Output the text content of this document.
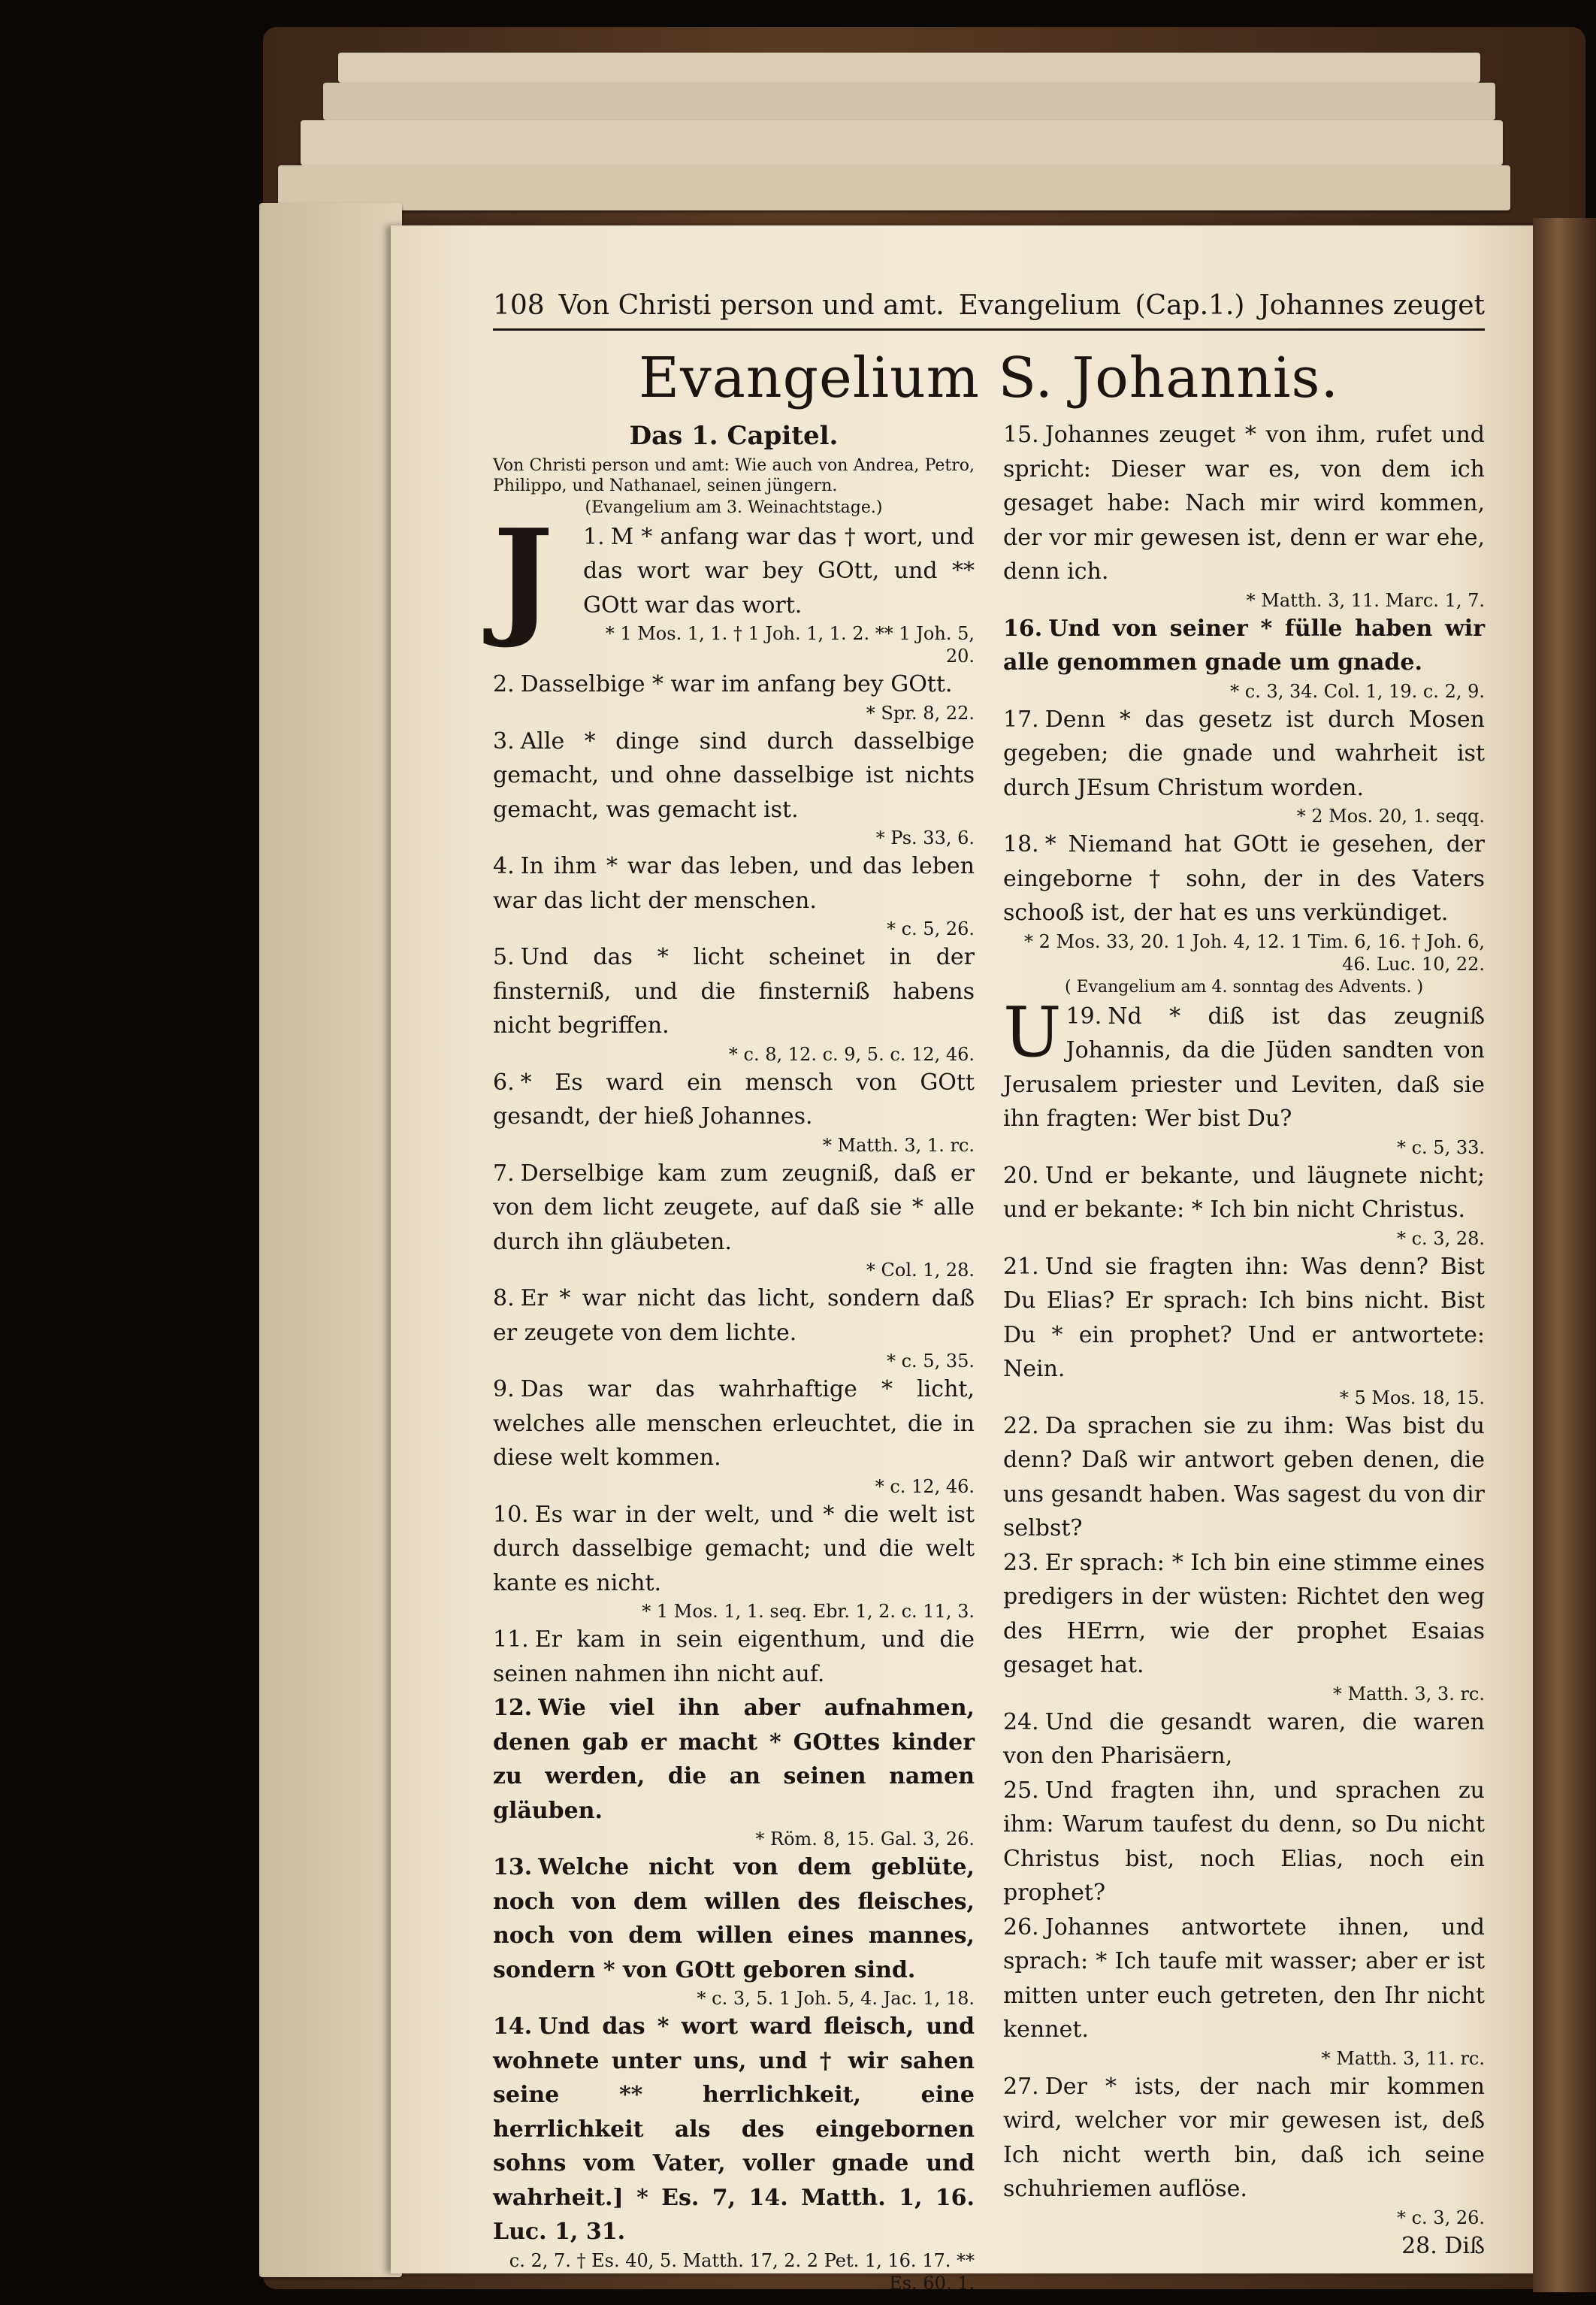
108 Von Christi person und amt. Evangelium (Cap.1.) Johannes zeuget
Evangelium S. Johannis.
Das 1. Capitel.
Von Christi person und amt: Wie auch von Andrea, Petro, Philippo, und Nathanael, seinen jüngern.
(Evangelium am 3. Weinachtstage.)

1.
J	M * anfang war das † wort, und das wort war bey GOtt, und ** GOtt war das wort.

* 1 Mos. 1, 1. † 1 Joh. 1, 1. 2. ** 1 Joh. 5, 20.

2. Dasselbige * war im anfang bey GOtt.

* Spr. 8, 22.

3. Alle * dinge sind durch dasselbige gemacht, und ohne dasselbige ist nichts gemacht, was gemacht ist.

* Ps. 33, 6.

4. In ihm * war das leben, und das leben war das licht der menschen.

* c. 5, 26.

5. Und das * licht scheinet in der finsterniß, und die finsterniß habens nicht begriffen.

* c. 8, 12. c. 9, 5. c. 12, 46.

6. * Es ward ein mensch von GOtt gesandt, der hieß Johannes.

* Matth. 3, 1. rc.

7. Derselbige kam zum zeugniß, daß er von dem licht zeugete, auf daß sie * alle durch ihn gläubeten.

* Col. 1, 28.

8. Er * war nicht das licht, sondern daß er zeugete von dem lichte.

* c. 5, 35.

9. Das war das wahrhaftige * licht, welches alle menschen erleuchtet, die in diese welt kommen.

* c. 12, 46.

10. Es war in der welt, und * die welt ist durch dasselbige gemacht; und die welt kante es nicht.

* 1 Mos. 1, 1. seq. Ebr. 1, 2. c. 11, 3.

11. Er kam in sein eigenthum, und die seinen nahmen ihn nicht auf.

12. Wie viel ihn aber aufnahmen, denen gab er macht * GOttes kinder zu werden, die an seinen namen gläuben.

* Röm. 8, 15. Gal. 3, 26.

13. Welche nicht von dem geblüte, noch von dem willen des fleisches, noch von dem willen eines mannes, sondern * von GOtt geboren sind.

* c. 3, 5. 1 Joh. 5, 4. Jac. 1, 18.

14. Und das * wort ward fleisch, und wohnete unter uns, und † wir sahen seine ** herrlichkeit, eine herrlichkeit als des eingebornen sohns vom Vater, voller gnade und wahrheit.] * Es. 7, 14. Matth. 1, 16. Luc. 1, 31.

c. 2, 7. † Es. 40, 5. Matth. 17, 2. 2 Pet. 1, 16. 17. ** Es. 60, 1.

15. Johannes zeuget * von ihm, rufet und spricht: Dieser war es, von dem ich gesaget habe: Nach mir wird kommen, der vor mir gewesen ist, denn er war ehe, denn ich.

* Matth. 3, 11. Marc. 1, 7.

16. Und von seiner * fülle haben wir alle genommen gnade um gnade.

* c. 3, 34. Col. 1, 19. c. 2, 9.

17. Denn * das gesetz ist durch Mosen gegeben; die gnade und wahrheit ist durch JEsum Christum worden.

* 2 Mos. 20, 1. seqq.

18. * Niemand hat GOtt ie gesehen, der eingeborne † sohn, der in des Vaters schooß ist, der hat es uns verkündiget.

* 2 Mos. 33, 20. 1 Joh. 4, 12. 1 Tim. 6, 16. † Joh. 6, 46. Luc. 10, 22.
( Evangelium am 4. sonntag des Advents. )

19.
U Nd * diß ist das zeugniß Johannis, da die Jüden sandten von Jerusalem priester und Leviten, daß sie ihn fragten: Wer bist Du?

* c. 5, 33.

20. Und er bekante, und läugnete nicht; und er bekante: * Ich bin nicht Christus.

* c. 3, 28.

21. Und sie fragten ihn: Was denn? Bist Du Elias? Er sprach: Ich bins nicht. Bist Du * ein prophet? Und er antwortete: Nein.

* 5 Mos. 18, 15.

22. Da sprachen sie zu ihm: Was bist du denn? Daß wir antwort geben denen, die uns gesandt haben. Was sagest du von dir selbst?

23. Er sprach: * Ich bin eine stimme eines predigers in der wüsten: Richtet den weg des HErrn, wie der prophet Esaias gesaget hat.

* Matth. 3, 3. rc.

24. Und die gesandt waren, die waren von den Pharisäern,

25. Und fragten ihn, und sprachen zu ihm: Warum taufest du denn, so Du nicht Christus bist, noch Elias, noch ein prophet?

26. Johannes antwortete ihnen, und sprach: * Ich taufe mit wasser; aber er ist mitten unter euch getreten, den Ihr nicht kennet.

* Matth. 3, 11. rc.

27. Der * ists, der nach mir kommen wird, welcher vor mir gewesen ist, deß Ich nicht werth bin, daß ich seine schuhriemen auflöse.

* c. 3, 26.
28. Diß
